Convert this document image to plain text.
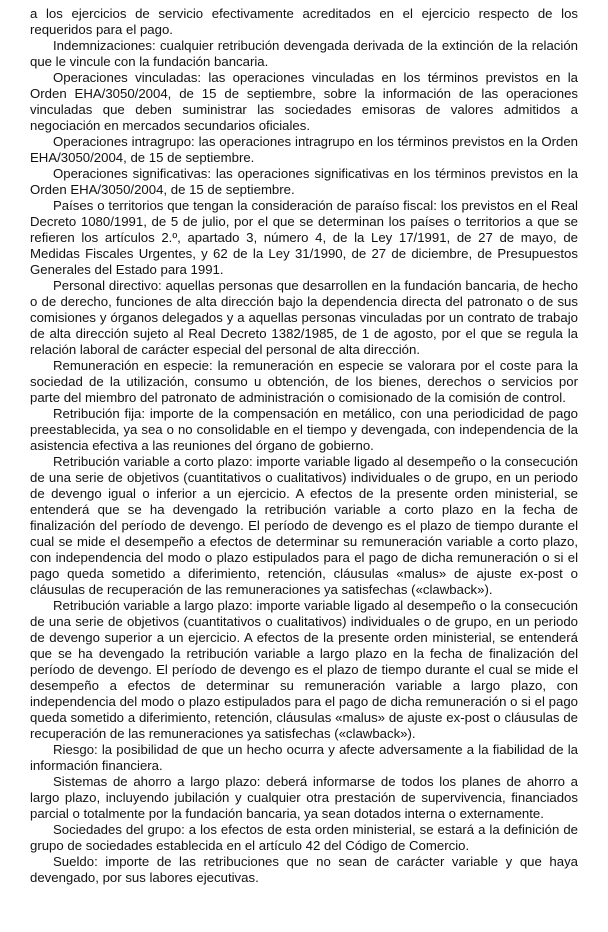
a los ejercicios de servicio efectivamente acreditados en el ejercicio respecto de los requeridos para el pago.

Indemnizaciones: cualquier retribución devengada derivada de la extinción de la relación que le vincule con la fundación bancaria.

Operaciones vinculadas: las operaciones vinculadas en los términos previstos en la Orden EHA/3050/2004, de 15 de septiembre, sobre la información de las operaciones vinculadas que deben suministrar las sociedades emisoras de valores admitidos a negociación en mercados secundarios oficiales.

Operaciones intragrupo: las operaciones intragrupo en los términos previstos en la Orden EHA/3050/2004, de 15 de septiembre.

Operaciones significativas: las operaciones significativas en los términos previstos en la Orden EHA/3050/2004, de 15 de septiembre.

Países o territorios que tengan la consideración de paraíso fiscal: los previstos en el Real Decreto 1080/1991, de 5 de julio, por el que se determinan los países o territorios a que se refieren los artículos 2.º, apartado 3, número 4, de la Ley 17/1991, de 27 de mayo, de Medidas Fiscales Urgentes, y 62 de la Ley 31/1990, de 27 de diciembre, de Presupuestos Generales del Estado para 1991.

Personal directivo: aquellas personas que desarrollen en la fundación bancaria, de hecho o de derecho, funciones de alta dirección bajo la dependencia directa del patronato o de sus comisiones y órganos delegados y a aquellas personas vinculadas por un contrato de trabajo de alta dirección sujeto al Real Decreto 1382/1985, de 1 de agosto, por el que se regula la relación laboral de carácter especial del personal de alta dirección.

Remuneración en especie: la remuneración en especie se valorara por el coste para la sociedad de la utilización, consumo u obtención, de los bienes, derechos o servicios por parte del miembro del patronato de administración o comisionado de la comisión de control.

Retribución fija: importe de la compensación en metálico, con una periodicidad de pago preestablecida, ya sea o no consolidable en el tiempo y devengada, con independencia de la asistencia efectiva a las reuniones del órgano de gobierno.

Retribución variable a corto plazo: importe variable ligado al desempeño o la consecución de una serie de objetivos (cuantitativos o cualitativos) individuales o de grupo, en un periodo de devengo igual o inferior a un ejercicio. A efectos de la presente orden ministerial, se entenderá que se ha devengado la retribución variable a corto plazo en la fecha de finalización del período de devengo. El período de devengo es el plazo de tiempo durante el cual se mide el desempeño a efectos de determinar su remuneración variable a corto plazo, con independencia del modo o plazo estipulados para el pago de dicha remuneración o si el pago queda sometido a diferimiento, retención, cláusulas «malus» de ajuste ex-post o cláusulas de recuperación de las remuneraciones ya satisfechas («clawback»).

Retribución variable a largo plazo: importe variable ligado al desempeño o la consecución de una serie de objetivos (cuantitativos o cualitativos) individuales o de grupo, en un periodo de devengo superior a un ejercicio. A efectos de la presente orden ministerial, se entenderá que se ha devengado la retribución variable a largo plazo en la fecha de finalización del período de devengo. El período de devengo es el plazo de tiempo durante el cual se mide el desempeño a efectos de determinar su remuneración variable a largo plazo, con independencia del modo o plazo estipulados para el pago de dicha remuneración o si el pago queda sometido a diferimiento, retención, cláusulas «malus» de ajuste ex-post o cláusulas de recuperación de las remuneraciones ya satisfechas («clawback»).

Riesgo: la posibilidad de que un hecho ocurra y afecte adversamente a la fiabilidad de la información financiera.

Sistemas de ahorro a largo plazo: deberá informarse de todos los planes de ahorro a largo plazo, incluyendo jubilación y cualquier otra prestación de supervivencia, financiados parcial o totalmente por la fundación bancaria, ya sean dotados interna o externamente.

Sociedades del grupo: a los efectos de esta orden ministerial, se estará a la definición de grupo de sociedades establecida en el artículo 42 del Código de Comercio.

Sueldo: importe de las retribuciones que no sean de carácter variable y que haya devengado, por sus labores ejecutivas.
